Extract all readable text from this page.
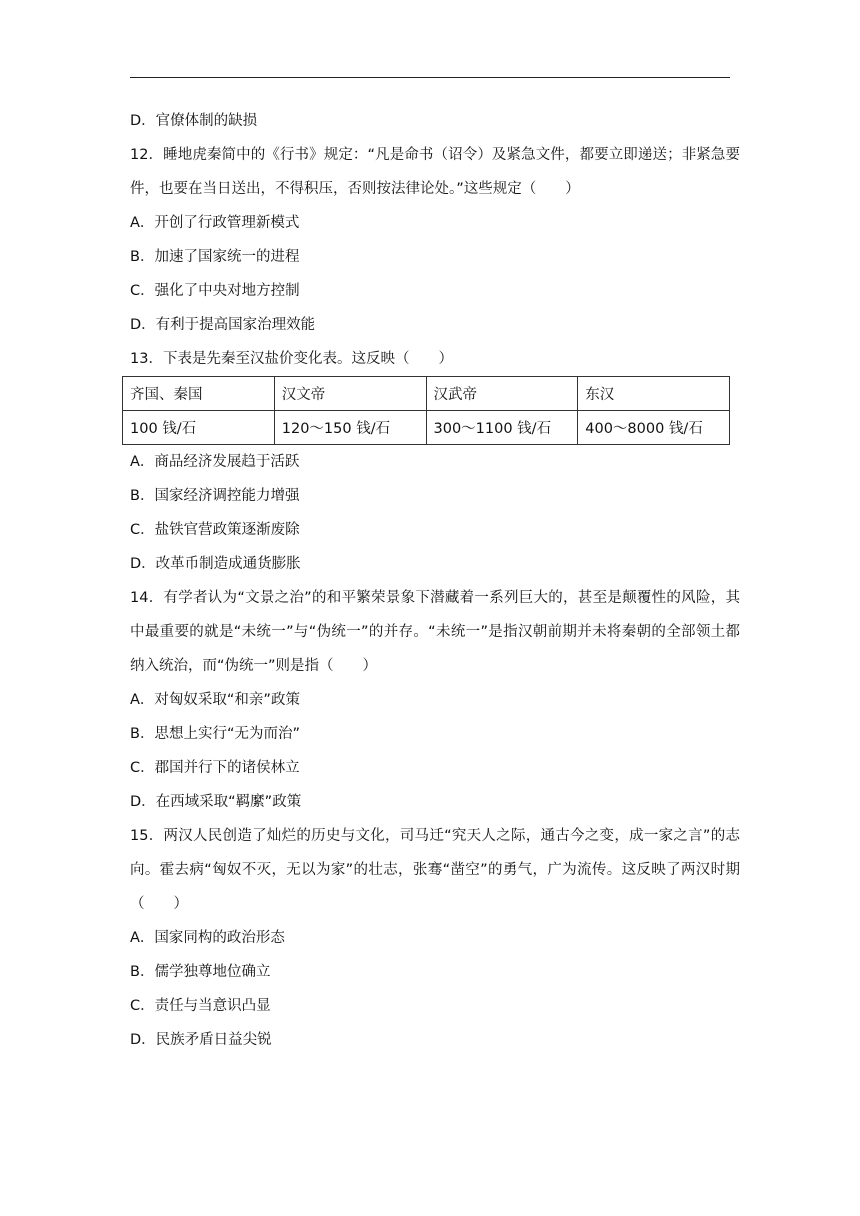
D．官僚体制的缺损

12．睡地虎秦简中的《行书》规定：“凡是命书（诏令）及紧急文件，都要立即递送；非紧急要件，也要在当日送出，不得积压，否则按法律论处。”这些规定（　　）

A．开创了行政管理新模式
B．加速了国家统一的进程
C．强化了中央对地方控制
D．有利于提高国家治理效能
13．下表是先秦至汉盐价变化表。这反映（　　）
齐国、秦国	汉文帝	汉武帝	东汉
100 钱/石	120～150 钱/石	300～1100 钱/石	400～8000 钱/石
A．商品经济发展趋于活跃
B．国家经济调控能力增强
C．盐铁官营政策逐渐废除
D．改革币制造成通货膨胀

14．有学者认为“文景之治”的和平繁荣景象下潜藏着一系列巨大的，甚至是颠覆性的风险，其中最重要的就是“未统一”与“伪统一”的并存。“未统一”是指汉朝前期并未将秦朝的全部领土都纳入统治，而“伪统一”则是指（　　）

A．对匈奴采取“和亲”政策
B．思想上实行“无为而治”
C．郡国并行下的诸侯林立
D．在西域采取“羁縻”政策

15．两汉人民创造了灿烂的历史与文化，司马迁“究天人之际，通古今之变，成一家之言”的志向。霍去病“匈奴不灭，无以为家”的壮志，张骞“凿空”的勇气，广为流传。这反映了两汉时期（　　）

A．国家同构的政治形态
B．儒学独尊地位确立
C．责任与当意识凸显
D．民族矛盾日益尖锐
